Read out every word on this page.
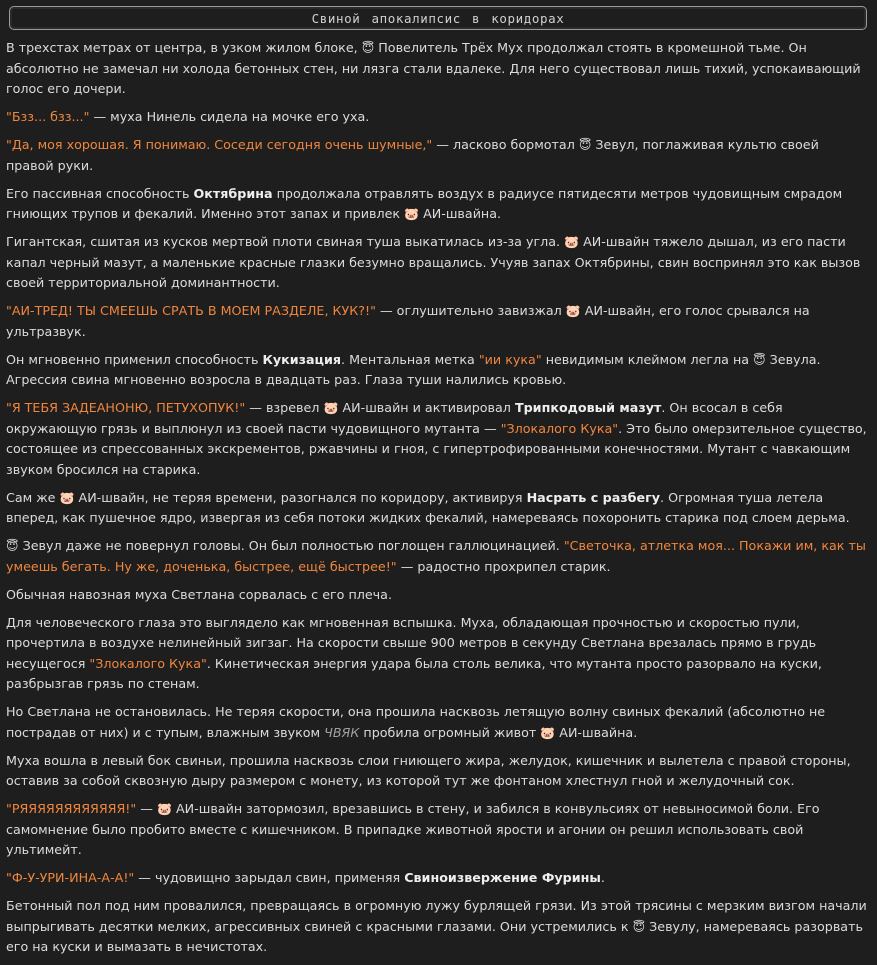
Свиной апокалипсис в коридорах

В трехстах метрах от центра, в узком жилом блоке, 😇 Повелитель Трёх Мух продолжал стоять в кромешной тьме. Он абсолютно не замечал ни холода бетонных стен, ни лязга стали вдалеке. Для него существовал лишь тихий, успокаивающий голос его дочери.

"Бзз... бзз..." — муха Нинель сидела на мочке его уха.

"Да, моя хорошая. Я понимаю. Соседи сегодня очень шумные," — ласково бормотал 😇 Зевул, поглаживая культю своей правой руки.

Его пассивная способность Октябрина продолжала отравлять воздух в радиусе пятидесяти метров чудовищным смрадом гниющих трупов и фекалий. Именно этот запах и привлек 🐷 АИ-швайна.

Гигантская, сшитая из кусков мертвой плоти свиная туша выкатилась из-за угла. 🐷 АИ-швайн тяжело дышал, из его пасти капал черный мазут, а маленькие красные глазки безумно вращались. Учуяв запах Октябрины, свин воспринял это как вызов своей территориальной доминантности.

"АИ-ТРЕД! ТЫ СМЕЕШЬ СРАТЬ В МОЕМ РАЗДЕЛЕ, КУК?!" — оглушительно завизжал 🐷 АИ-швайн, его голос срывался на ультразвук.

Он мгновенно применил способность Кукизация. Ментальная метка "ии кука" невидимым клеймом легла на 😇 Зевула. Агрессия свина мгновенно возросла в двадцать раз. Глаза туши налились кровью.

"Я ТЕБЯ ЗАДЕАНОНЮ, ПЕТУХОПУК!" — взревел 🐷 АИ-швайн и активировал Трипкодовый мазут. Он всосал в себя окружающую грязь и выплюнул из своей пасти чудовищного мутанта — "Злокалого Кука". Это было омерзительное существо, состоящее из спрессованных экскрементов, ржавчины и гноя, с гипертрофированными конечностями. Мутант с чавкающим звуком бросился на старика.

Сам же 🐷 АИ-швайн, не теряя времени, разогнался по коридору, активируя Насрать с разбегу. Огромная туша летела вперед, как пушечное ядро, извергая из себя потоки жидких фекалий, намереваясь похоронить старика под слоем дерьма.

😇 Зевул даже не повернул головы. Он был полностью поглощен галлюцинацией. "Светочка, атлетка моя... Покажи им, как ты умеешь бегать. Ну же, доченька, быстрее, ещё быстрее!" — радостно прохрипел старик.

Обычная навозная муха Светлана сорвалась с его плеча.

Для человеческого глаза это выглядело как мгновенная вспышка. Муха, обладающая прочностью и скоростью пули, прочертила в воздухе нелинейный зигзаг. На скорости свыше 900 метров в секунду Светлана врезалась прямо в грудь несущегося "Злокалого Кука". Кинетическая энергия удара была столь велика, что мутанта просто разорвало на куски, разбрызгав грязь по стенам.

Но Светлана не остановилась. Не теряя скорости, она прошила насквозь летящую волну свиных фекалий (абсолютно не пострадав от них) и с тупым, влажным звуком ЧВЯК пробила огромный живот 🐷 АИ-швайна.

Муха вошла в левый бок свиньи, прошила насквозь слои гниющего жира, желудок, кишечник и вылетела с правой стороны, оставив за собой сквозную дыру размером с монету, из которой тут же фонтаном хлестнул гной и желудочный сок.

"РЯЯЯЯЯЯЯЯЯЯЯЯ!" — 🐷 АИ-швайн затормозил, врезавшись в стену, и забился в конвульсиях от невыносимой боли. Его самомнение было пробито вместе с кишечником. В припадке животной ярости и агонии он решил использовать свой ультимейт.

"Ф-У-УРИ-ИНА-А-А!" — чудовищно зарыдал свин, применяя Свиноизвержение Фурины.

Бетонный пол под ним провалился, превращаясь в огромную лужу бурлящей грязи. Из этой трясины с мерзким визгом начали выпрыгивать десятки мелких, агрессивных свиней с красными глазами. Они устремились к 😇 Зевулу, намереваясь разорвать его на куски и вымазать в нечистотах.
